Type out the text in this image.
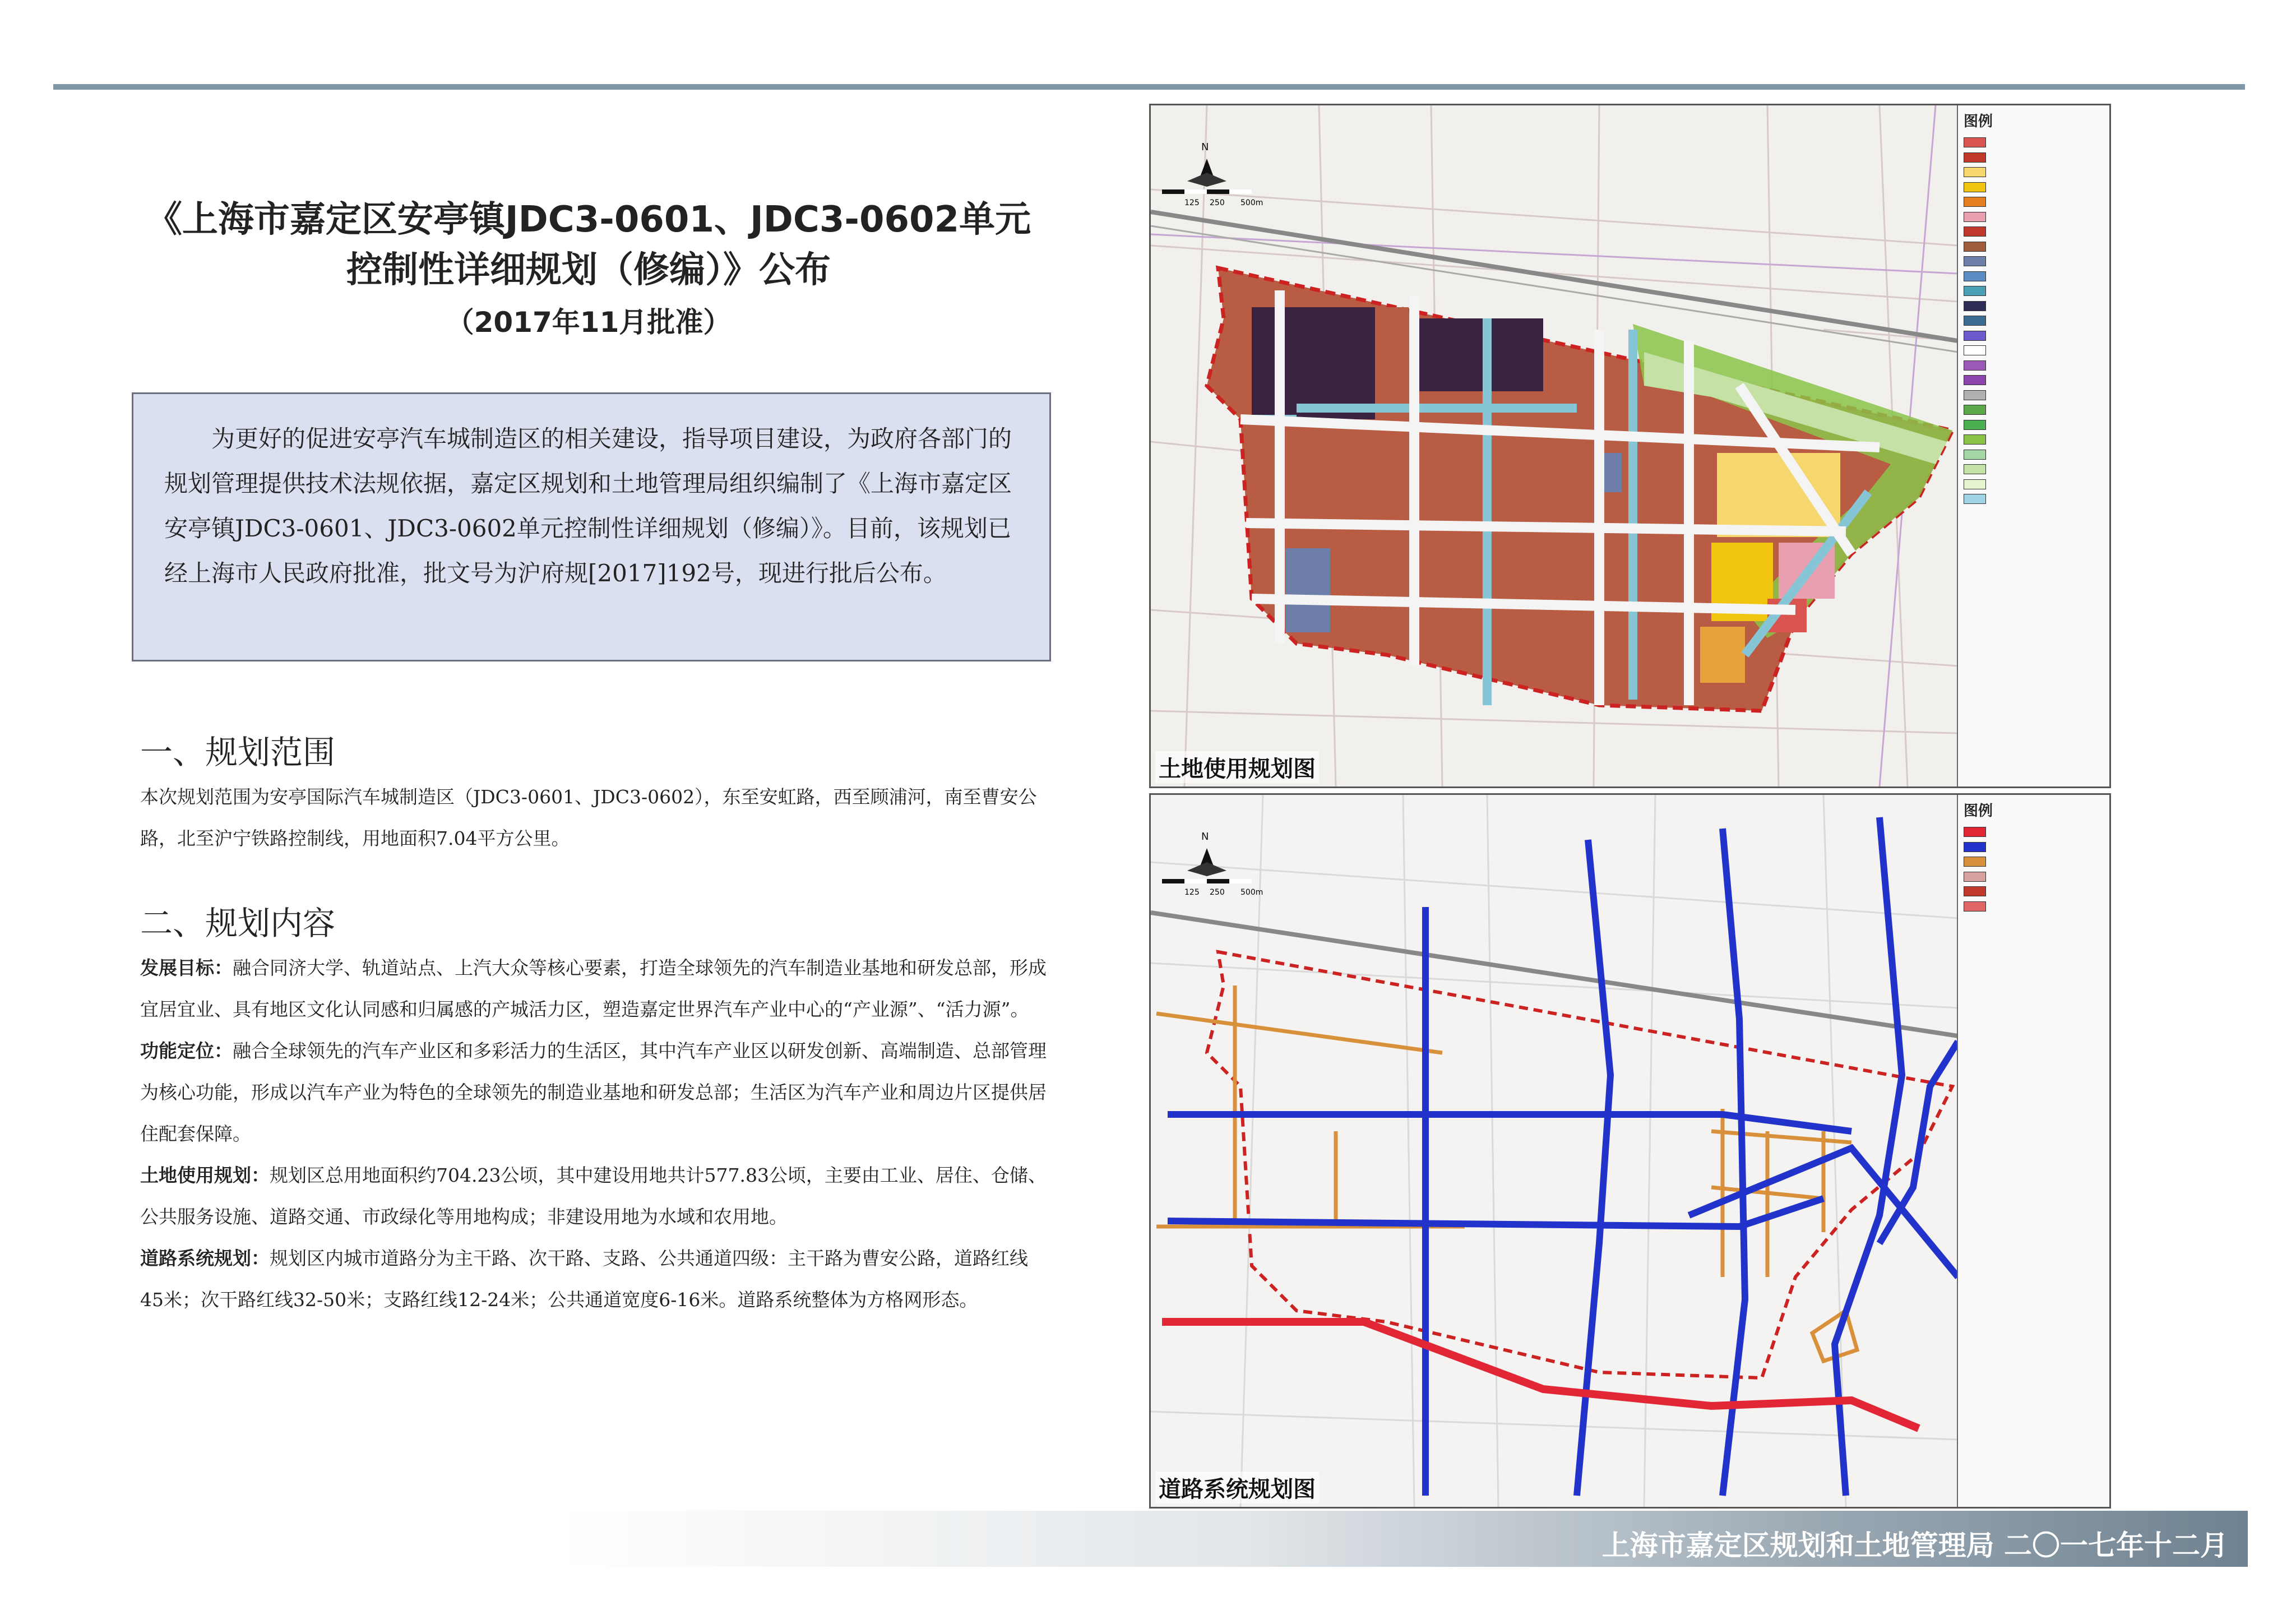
《上海市嘉定区安亭镇JDC3-0601、JDC3-0602单元
控制性详细规划（修编）》公布
（2017年11月批准）
为更好的促进安亭汽车城制造区的相关建设，指导项目建设，为政府各部门的规划管理提供技术法规依据，嘉定区规划和土地管理局组织编制了《上海市嘉定区安亭镇JDC3-0601、JDC3-0602单元控制性详细规划（修编）》。目前，该规划已经上海市人民政府批准，批文号为沪府规[2017]192号，现进行批后公布。
一、规划范围
本次规划范围为安亭国际汽车城制造区（JDC3-0601、JDC3-0602），东至安虹路，西至顾浦河，南至曹安公路，北至沪宁铁路控制线，用地面积7.04平方公里。
二、规划内容
发展目标：融合同济大学、轨道站点、上汽大众等核心要素，打造全球领先的汽车制造业基地和研发总部，形成宜居宜业、具有地区文化认同感和归属感的产城活力区，塑造嘉定世界汽车产业中心的“产业源”、“活力源”。
功能定位：融合全球领先的汽车产业区和多彩活力的生活区，其中汽车产业区以研发创新、高端制造、总部管理为核心功能，形成以汽车产业为特色的全球领先的制造业基地和研发总部；生活区为汽车产业和周边片区提供居住配套保障。
土地使用规划：规划区总用地面积约704.23公顷，其中建设用地共计577.83公顷，主要由工业、居住、仓储、公共服务设施、道路交通、市政绿化等用地构成；非建设用地为水域和农用地。
道路系统规划：规划区内城市道路分为主干路、次干路、支路、公共通道四级：主干路为曹安公路，道路红线45米；次干路红线32-50米；支路红线12-24米；公共通道宽度6-16米。道路系统整体为方格网形态。
N
125 250 500m
图例
土地使用规划图
N
125 250 500m
图例
道路系统规划图
上海市嘉定区规划和土地管理局 二〇一七年十二月
